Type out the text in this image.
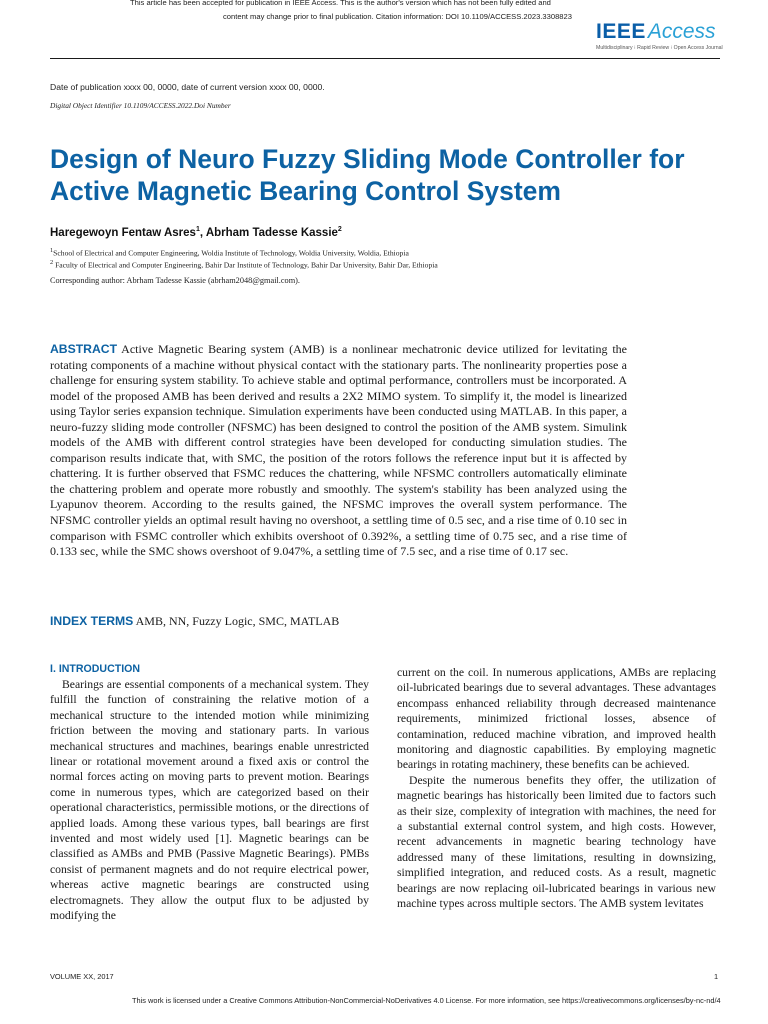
This article has been accepted for publication in IEEE Access. This is the author's version which has not been fully edited and
content may change prior to final publication. Citation information: DOI 10.1109/ACCESS.2023.3308823
IEEEAccess
Multidisciplinary ⁝ Rapid Review ⁝ Open Access Journal
Date of publication xxxx 00, 0000, date of current version xxxx 00, 0000.
Digital Object Identifier 10.1109/ACCESS.2022.Doi Number
Design of Neuro Fuzzy Sliding Mode Controller for Active Magnetic Bearing Control System
Haregewoyn Fentaw Asres$^1$, Abrham Tadesse Kassie$^2$
$^1$School of Electrical and Computer Engineering, Woldia Institute of Technology, Woldia University, Woldia, Ethiopia
$^2$ Faculty of Electrical and Computer Engineering, Bahir Dar Institute of Technology, Bahir Dar University, Bahir Dar, Ethiopia
Corresponding author: Abrham Tadesse Kassie (abrham2048@gmail.com).

ABSTRACT Active Magnetic Bearing system (AMB) is a nonlinear mechatronic device utilized for levitating the rotating components of a machine without physical contact with the stationary parts. The nonlinearity properties pose a challenge for ensuring system stability. To achieve stable and optimal performance, controllers must be incorporated. A model of the proposed AMB has been derived and results a 2X2 MIMO system. To simplify it, the model is linearized using Taylor series expansion technique. Simulation experiments have been conducted using MATLAB. In this paper, a neuro-fuzzy sliding mode controller (NFSMC) has been designed to control the position of the AMB system. Simulink models of the AMB with different control strategies have been developed for conducting simulation studies. The comparison results indicate that, with SMC, the position of the rotors follows the reference input but it is affected by chattering. It is further observed that FSMC reduces the chattering, while NFSMC controllers automatically eliminate the chattering problem and operate more robustly and smoothly. The system's stability has been analyzed using the Lyapunov theorem. According to the results gained, the NFSMC improves the overall system performance. The NFSMC controller yields an optimal result having no overshoot, a settling time of 0.5 sec, and a rise time of 0.10 sec in comparison with FSMC controller which exhibits overshoot of 0.392%, a settling time of 0.75 sec, and a rise time of 0.133 sec, while the SMC shows overshoot of 9.047%, a settling time of 7.5 sec, and a rise time of 0.17 sec.

INDEX TERMS AMB, NN, Fuzzy Logic, SMC, MATLAB
I. INTRODUCTION

Bearings are essential components of a mechanical system. They fulfill the function of constraining the relative motion of a mechanical structure to the intended motion while minimizing friction between the moving and stationary parts. In various mechanical structures and machines, bearings enable unrestricted linear or rotational movement around a fixed axis or control the normal forces acting on moving parts to prevent motion. Bearings come in numerous types, which are categorized based on their operational characteristics, permissible motions, or the directions of applied loads. Among these various types, ball bearings are first invented and most widely used [1]. Magnetic bearings can be classified as AMBs and PMB (Passive Magnetic Bearings). PMBs consist of permanent magnets and do not require electrical power, whereas active magnetic bearings are constructed using electromagnets. They allow the output flux to be adjusted by modifying the

current on the coil. In numerous applications, AMBs are replacing oil-lubricated bearings due to several advantages. These advantages encompass enhanced reliability through decreased maintenance requirements, minimized frictional losses, absence of contamination, reduced machine vibration, and improved health monitoring and diagnostic capabilities. By employing magnetic bearings in rotating machinery, these benefits can be achieved.

Despite the numerous benefits they offer, the utilization of magnetic bearings has historically been limited due to factors such as their size, complexity of integration with machines, the need for a substantial external control system, and high costs. However, recent advancements in magnetic bearing technology have addressed many of these limitations, resulting in downsizing, simplified integration, and reduced costs. As a result, magnetic bearings are now replacing oil-lubricated bearings in various new machine types across multiple sectors. The AMB system levitates

VOLUME XX, 2017	1
This work is licensed under a Creative Commons Attribution-NonCommercial-NoDerivatives 4.0 License. For more information, see https://creativecommons.org/licenses/by-nc-nd/4
